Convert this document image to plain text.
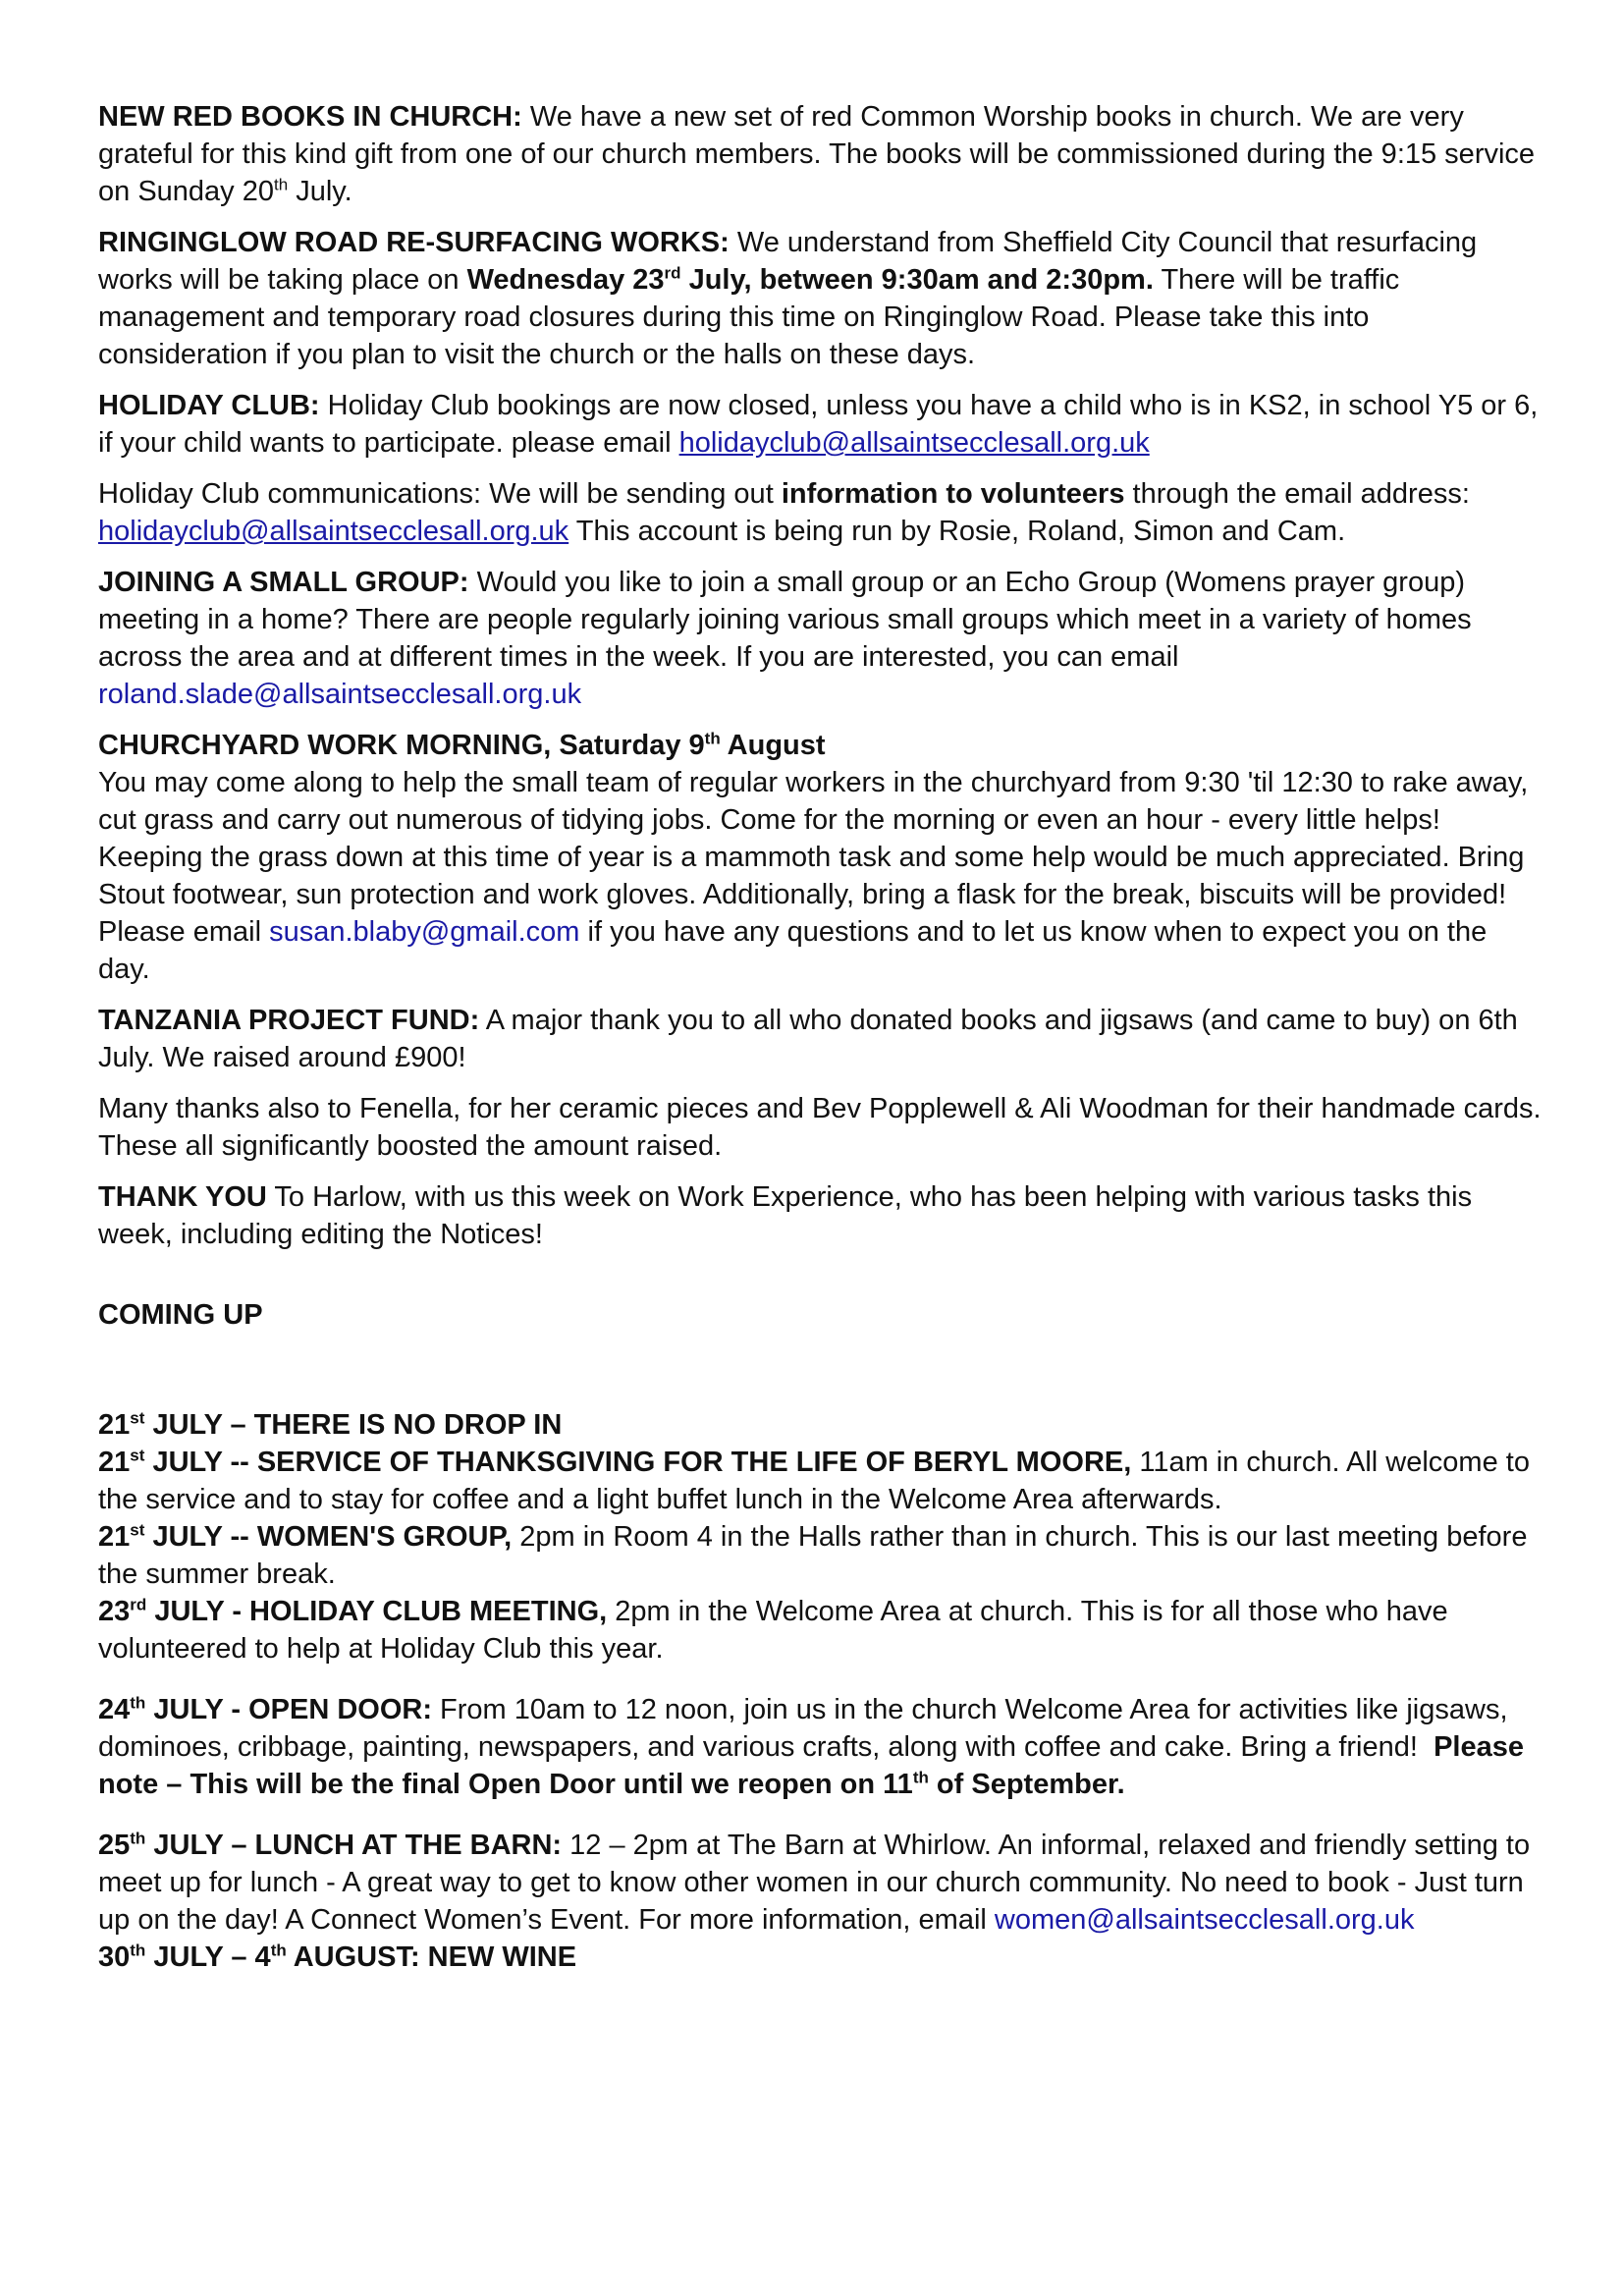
NEW RED BOOKS IN CHURCH: We have a new set of red Common Worship books in church. We are very grateful for this kind gift from one of our church members. The books will be commissioned during the 9:15 service on Sunday 20th July.

RINGINGLOW ROAD RE-SURFACING WORKS: We understand from Sheffield City Council that resurfacing works will be taking place on Wednesday 23rd July, between 9:30am and 2:30pm. There will be traffic management and temporary road closures during this time on Ringinglow Road. Please take this into consideration if you plan to visit the church or the halls on these days.

HOLIDAY CLUB: Holiday Club bookings are now closed, unless you have a child who is in KS2, in school Y5 or 6, if your child wants to participate. please email holidayclub@allsaintsecclesall.org.uk

Holiday Club communications: We will be sending out information to volunteers through the email address:  holidayclub@allsaintsecclesall.org.uk This account is being run by Rosie, Roland, Simon and Cam.

JOINING A SMALL GROUP: Would you like to join a small group or an Echo Group (Womens prayer group) meeting in a home? There are people regularly joining various small groups which meet in a variety of homes across the area and at different times in the week. If you are interested, you can email roland.slade@allsaintsecclesall.org.uk

CHURCHYARD WORK MORNING, Saturday 9th August
You may come along to help the small team of regular workers in the churchyard from 9:30 'til 12:30 to rake away, cut grass and carry out numerous of tidying jobs. Come for the morning or even an hour - every little helps! Keeping the grass down at this time of year is a mammoth task and some help would be much appreciated. Bring Stout footwear, sun protection and work gloves. Additionally, bring a flask for the break, biscuits will be provided! Please email susan.blaby@gmail.com if you have any questions and to let us know when to expect you on the day.

TANZANIA PROJECT FUND: A major thank you to all who donated books and jigsaws (and came to buy) on 6th July. We raised around £900!

Many thanks also to Fenella, for her ceramic pieces and Bev Popplewell & Ali Woodman for their handmade cards. These all significantly boosted the amount raised.

THANK YOU To Harlow, with us this week on Work Experience, who has been helping with various tasks this week, including editing the Notices!

COMING UP

21st JULY – THERE IS NO DROP IN

21st JULY -- SERVICE OF THANKSGIVING FOR THE LIFE OF BERYL MOORE, 11am in church. All welcome to the service and to stay for coffee and a light buffet lunch in the Welcome Area afterwards.

21st JULY -- WOMEN'S GROUP, 2pm in Room 4 in the Halls rather than in church. This is our last meeting before the summer break.

23rd JULY - HOLIDAY CLUB MEETING, 2pm in the Welcome Area at church. This is for all those who have volunteered to help at Holiday Club this year.

24th JULY - OPEN DOOR: From 10am to 12 noon, join us in the church Welcome Area for activities like jigsaws, dominoes, cribbage, painting, newspapers, and various crafts, along with coffee and cake. Bring a friend! Please note – This will be the final Open Door until we reopen on 11th of September.

25th JULY – LUNCH AT THE BARN: 12 – 2pm at The Barn at Whirlow. An informal, relaxed and friendly setting to meet up for lunch - A great way to get to know other women in our church community. No need to book - Just turn up on the day! A Connect Women’s Event. For more information, email women@allsaintsecclesall.org.uk

30th JULY – 4th AUGUST: NEW WINE
